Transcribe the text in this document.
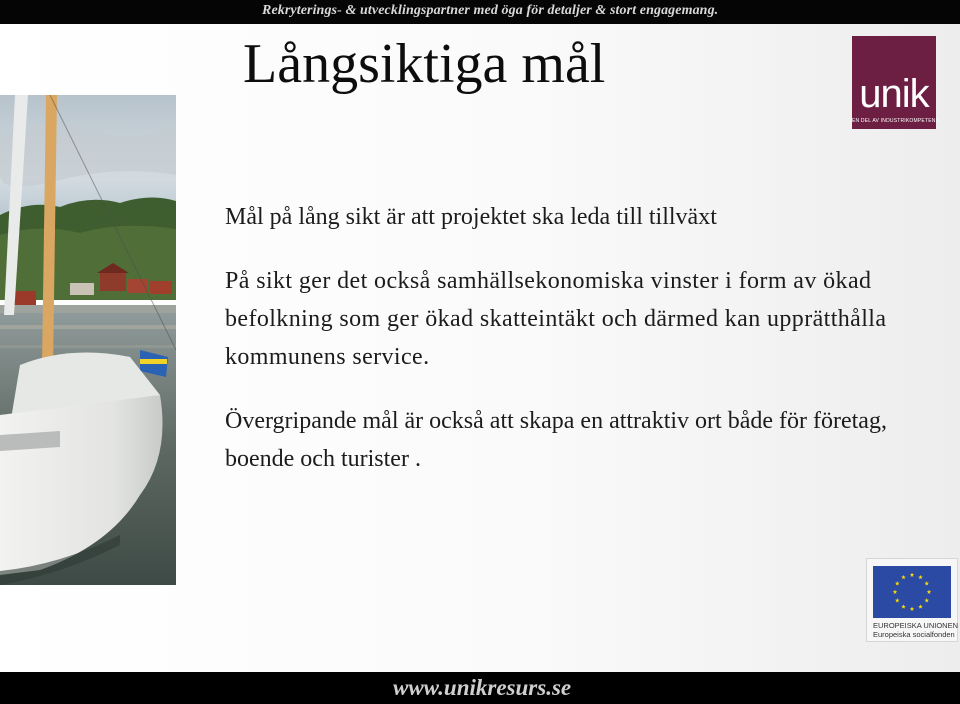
Rekryterings- & utvecklingspartner med öga för detaljer & stort engagemang.
Långsiktiga mål	unik
EN DEL AV INDUSTRIKOMPETENS

Mål på lång sikt är att projektet ska leda till tillväxt

På sikt ger det också samhällsekonomiska vinster i form av ökad befolkning som ger ökad skatteintäkt och därmed kan upprätthålla kommunens service.

Övergripande mål är också att skapa en attraktiv ort både för företag, boende och turister .

EUROPEISKA UNIONEN
Europeiska socialfonden
www.unikresurs.se
